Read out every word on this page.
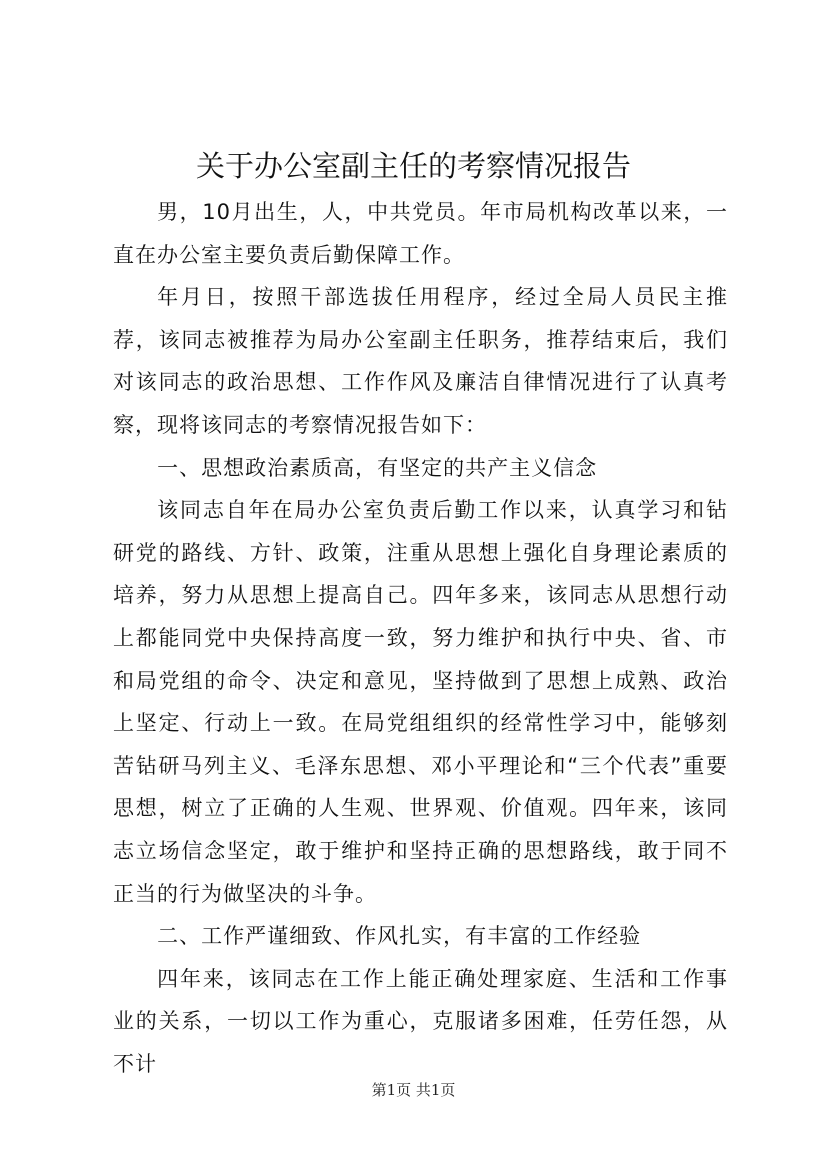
关于办公室副主任的考察情况报告

男，10月出生，人，中共党员。年市局机构改革以来，一直在办公室主要负责后勤保障工作。

年月日，按照干部选拔任用程序，经过全局人员民主推荐，该同志被推荐为局办公室副主任职务，推荐结束后，我们对该同志的政治思想、工作作风及廉洁自律情况进行了认真考察，现将该同志的考察情况报告如下：

一、思想政治素质高，有坚定的共产主义信念

该同志自年在局办公室负责后勤工作以来，认真学习和钻研党的路线、方针、政策，注重从思想上强化自身理论素质的培养，努力从思想上提高自己。四年多来，该同志从思想行动上都能同党中央保持高度一致，努力维护和执行中央、省、市和局党组的命令、决定和意见，坚持做到了思想上成熟、政治上坚定、行动上一致。在局党组组织的经常性学习中，能够刻苦钻研马列主义、毛泽东思想、邓小平理论和“三个代表”重要思想，树立了正确的人生观、世界观、价值观。四年来，该同志立场信念坚定，敢于维护和坚持正确的思想路线，敢于同不正当的行为做坚决的斗争。

二、工作严谨细致、作风扎实，有丰富的工作经验

四年来，该同志在工作上能正确处理家庭、生活和工作事业的关系，一切以工作为重心，克服诸多困难，任劳任怨，从不计

第1页 共1页
